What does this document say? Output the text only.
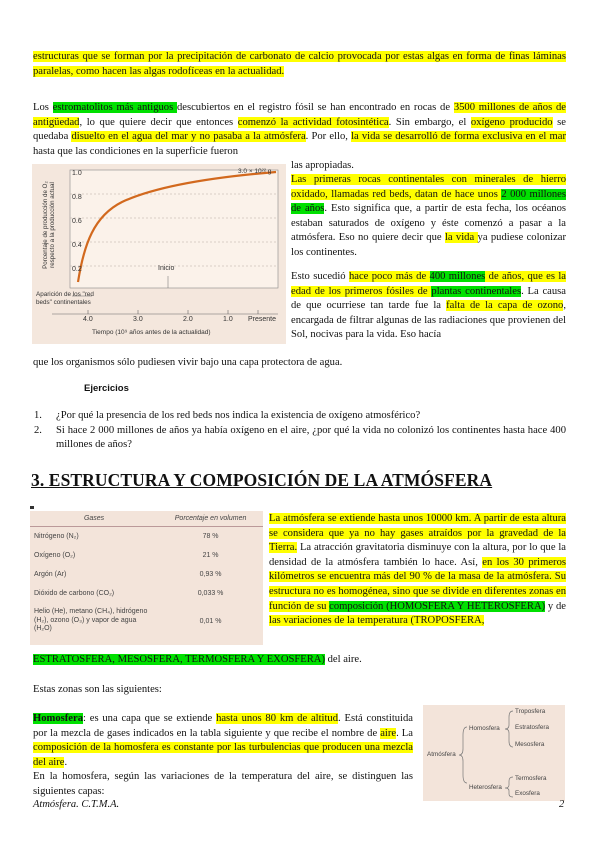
estructuras que se forman por la precipitación de carbonato de calcio provocada por estas algas en forma de finas láminas paralelas, como hacen las algas rodofíceas en la actualidad.
Los estromatolitos más antiguos descubiertos en el registro fósil se han encontrado en rocas de 3500 millones de años de antigüedad, lo que quiere decir que entonces comenzó la actividad fotosintética. Sin embargo, el oxígeno producido se quedaba disuelto en el agua del mar y no pasaba a la atmósfera. Por ello, la vida se desarrolló de forma exclusiva en el mar hasta que las condiciones en la superficie fueron
las apropiadas.
Porcentaje de producción de O₂ respecto a la producción actual
1.0
0.8
0.6
0.4
0.2
3.0 × 10²² g
Inicio
Aparición de los "red beds" continentales
4.0	3.0	2.0	1.0 Presente
Tiempo (10⁹ años antes de la actualidad)
Las primeras rocas continentales con minerales de hierro oxidado, llamadas red beds, datan de hace unos 2 000 millones de años. Esto significa que, a partir de esta fecha, los océanos estaban saturados de oxígeno y éste comenzó a pasar a la atmósfera. Eso no quiere decir que la vida ya pudiese colonizar los continentes.
Esto sucedió hace poco más de 400 millones de años, que es la edad de los primeros fósiles de plantas continentales. La causa de que ocurriese tan tarde fue la falta de la capa de ozono, encargada de filtrar algunas de las radiaciones que provienen del Sol, nocivas para la vida. Eso hacía
que los organismos sólo pudiesen vivir bajo una capa protectora de agua.
Ejercicios
1. ¿Por qué la presencia de los red beds nos indica la existencia de oxígeno atmosférico?
2. Si hace 2 000 millones de años ya había oxígeno en el aire, ¿por qué la vida no colonizó los continentes hasta hace 400 millones de años?
3. ESTRUCTURA Y COMPOSICIÓN DE LA ATMÓSFERA
Gases	Porcentaje en volumen
Nitrógeno (N₂)	78 %
Oxígeno (O₂)	21 %
Argón (Ar)	0,93 %
Dióxido de carbono (CO₂)	0,033 %
Helio (He), metano (CH₄), hidrógeno (H₂), ozono (O₃) y vapor de agua (H₂O)	0,01 %
La atmósfera se extiende hasta unos 10000 km. A partir de esta altura se considera que ya no hay gases atraídos por la gravedad de la Tierra. La atracción gravitatoria disminuye con la altura, por lo que la densidad de la atmósfera también lo hace. Así, en los 30 primeros kilómetros se encuentra más del 90 % de la masa de la atmósfera. Su estructura no es homogénea, sino que se divide en diferentes zonas en función de su composición (HOMOSFERA Y HETEROSFERA) y de las variaciones de la temperatura (TROPOSFERA,
ESTRATOSFERA, MESOSFERA, TERMOSFERA Y EXOSFERA) del aire.
Estas zonas son las siguientes:
Homosfera: es una capa que se extiende hasta unos 80 km de altitud. Está constituida por la mezcla de gases indicados en la tabla siguiente y que recibe el nombre de aire. La composición de la homosfera es constante por las turbulencias que producen una mezcla del aire.
En la homosfera, según las variaciones de la temperatura del aire, se distinguen las siguientes capas:
Atmósfera
Homosfera
Heterosfera
Troposfera
Estratosfera
Mesosfera
Termosfera
Exosfera
Atmósfera. C.T.M.A.	2
